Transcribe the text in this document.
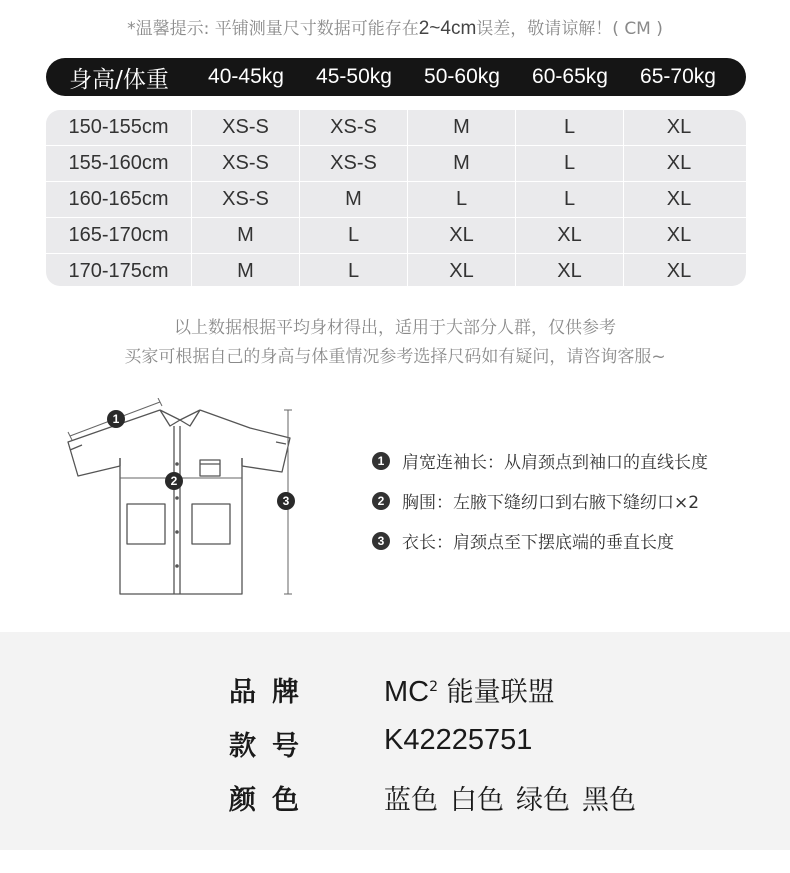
*温馨提示: 平铺测量尺寸数据可能存在2~4cm误差，敬请谅解！( CM )
身高/体重	40-45kg	45-50kg	50-60kg	60-65kg	65-70kg
150-155cm	XS-S	XS-S	M	L	XL
155-160cm	XS-S	XS-S	M	L	XL
160-165cm	XS-S	M	L	L	XL
165-170cm	M	L	XL	XL	XL
170-175cm	M	L	XL	XL	XL
以上数据根据平均身材得出，适用于大部分人群，仅供参考
买家可根据自己的身高与体重情况参考选择尺码如有疑问，请咨询客服~
1
2
3
1	肩宽连袖长：从肩颈点到袖口的直线长度
2	胸围：左腋下缝纫口到右腋下缝纫口×2
3	衣长：肩颈点至下摆底端的垂直长度
品牌 $MC^2$ 能量联盟
款号 K42225751
颜色	蓝色 白色 绿色 黑色
